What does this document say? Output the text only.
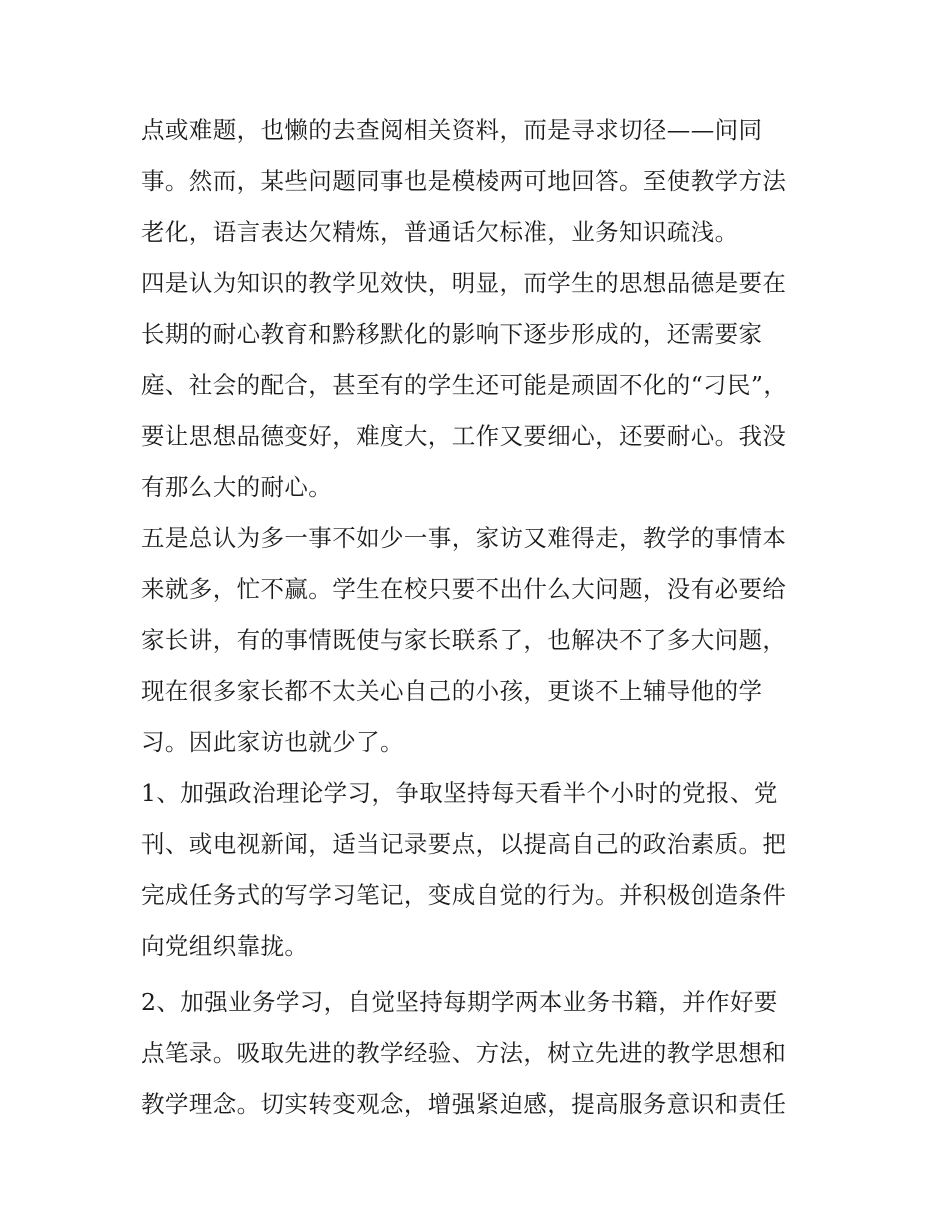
点或难题，也懒的去查阅相关资料，而是寻求切径——问同
事。然而，某些问题同事也是模棱两可地回答。至使教学方法
老化，语言表达欠精炼，普通话欠标准，业务知识疏浅。
四是认为知识的教学见效快，明显，而学生的思想品德是要在
长期的耐心教育和黔移默化的影响下逐步形成的，还需要家
庭、社会的配合，甚至有的学生还可能是顽固不化的“刁民”，
要让思想品德变好，难度大，工作又要细心，还要耐心。我没
有那么大的耐心。
五是总认为多一事不如少一事，家访又难得走，教学的事情本
来就多，忙不赢。学生在校只要不出什么大问题，没有必要给
家长讲，有的事情既使与家长联系了，也解决不了多大问题，
现在很多家长都不太关心自己的小孩，更谈不上辅导他的学
习。因此家访也就少了。
1、加强政治理论学习，争取坚持每天看半个小时的党报、党
刊、或电视新闻，适当记录要点，以提高自己的政治素质。把
完成任务式的写学习笔记，变成自觉的行为。并积极创造条件
向党组织靠拢。
2、加强业务学习，自觉坚持每期学两本业务书籍，并作好要
点笔录。吸取先进的教学经验、方法，树立先进的教学思想和
教学理念。切实转变观念，增强紧迫感，提高服务意识和责任
